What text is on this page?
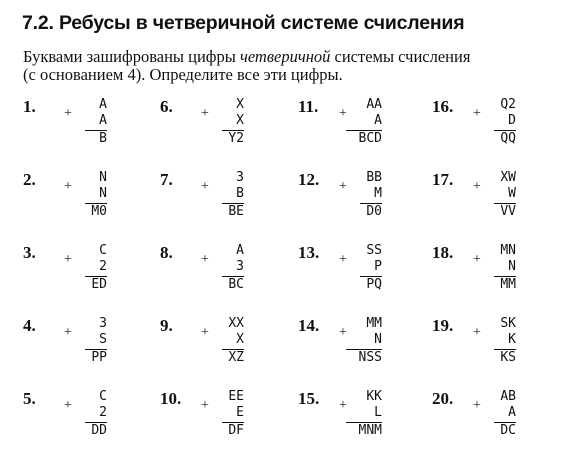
7.2. Ребусы в четверичной системе счисления
Буквами зашифрованы цифры четверичной системы счисления
(с основанием 4). Определите все эти цифры.
1. +
A
A
B
2. +
N
N
M0
3. +
C
2
ED
4. +
3
S
PP
5. +
C
2
DD
6. +
X
X
Y2
7. +
3
B
BE
8. +
A
3
BC
9. +
XX
X
XZ
10. +
EE
E
DF
11. +
AA
A
BCD
12. +
BB
M
D0
13. +
SS
P
PQ
14. +
MM
N
NSS
15. +
KK
L
MNM
16. +
Q2
D
QQ
17. +
XW
W
VV
18. +
MN
N
MM
19. +
SK
K
KS
20. +
AB
A
DC
